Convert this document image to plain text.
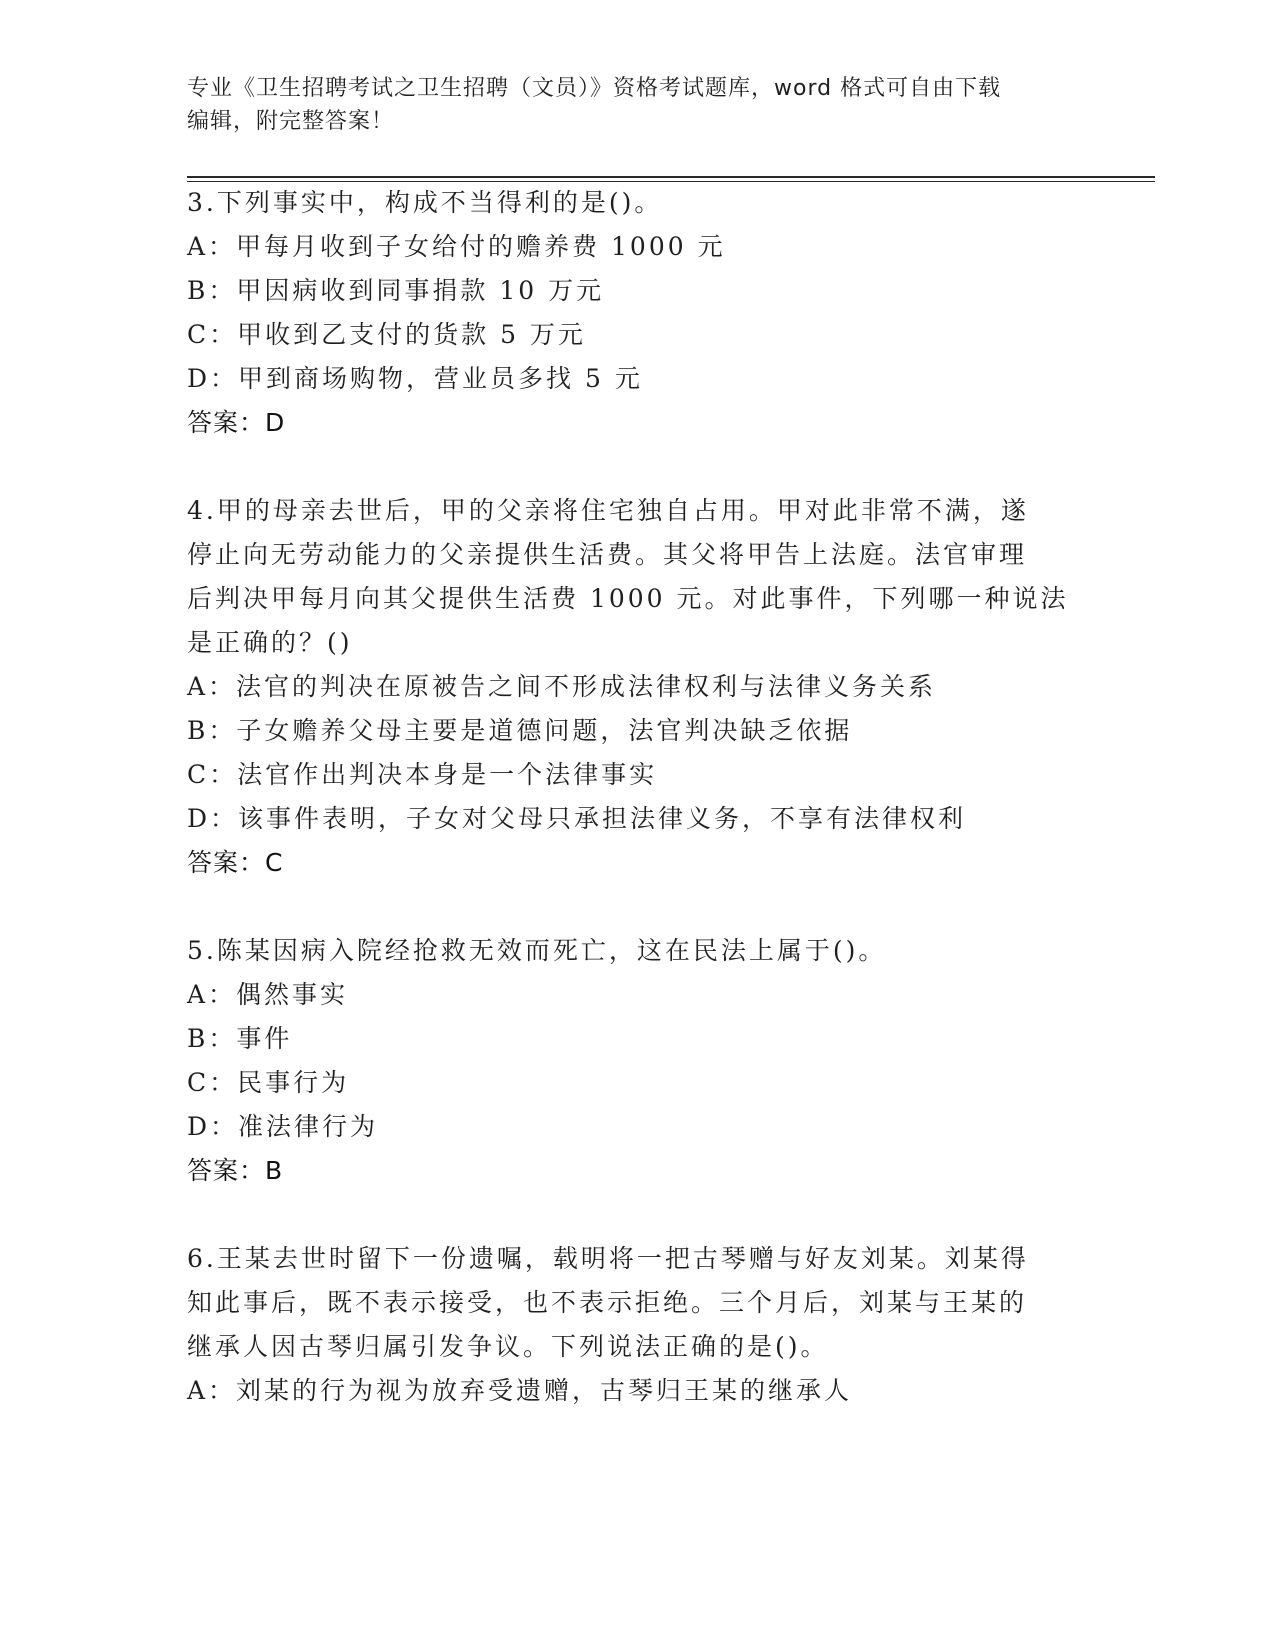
专业《卫生招聘考试之卫生招聘（文员）》资格考试题库，word 格式可自由下载
编辑，附完整答案！
3.下列事实中，构成不当得利的是()。
A：甲每月收到子女给付的赡养费 1000 元
B：甲因病收到同事捐款 10 万元
C：甲收到乙支付的货款 5 万元
D：甲到商场购物，营业员多找 5 元
答案：D
4.甲的母亲去世后，甲的父亲将住宅独自占用。甲对此非常不满，遂
停止向无劳动能力的父亲提供生活费。其父将甲告上法庭。法官审理
后判决甲每月向其父提供生活费 1000 元。对此事件，下列哪一种说法
是正确的？()
A：法官的判决在原被告之间不形成法律权利与法律义务关系
B：子女赡养父母主要是道德问题，法官判决缺乏依据
C：法官作出判决本身是一个法律事实
D：该事件表明，子女对父母只承担法律义务，不享有法律权利
答案：C
5.陈某因病入院经抢救无效而死亡，这在民法上属于()。
A：偶然事实
B：事件
C：民事行为
D：准法律行为
答案：B
6.王某去世时留下一份遗嘱，载明将一把古琴赠与好友刘某。刘某得
知此事后，既不表示接受，也不表示拒绝。三个月后，刘某与王某的
继承人因古琴归属引发争议。下列说法正确的是()。
A：刘某的行为视为放弃受遗赠，古琴归王某的继承人
